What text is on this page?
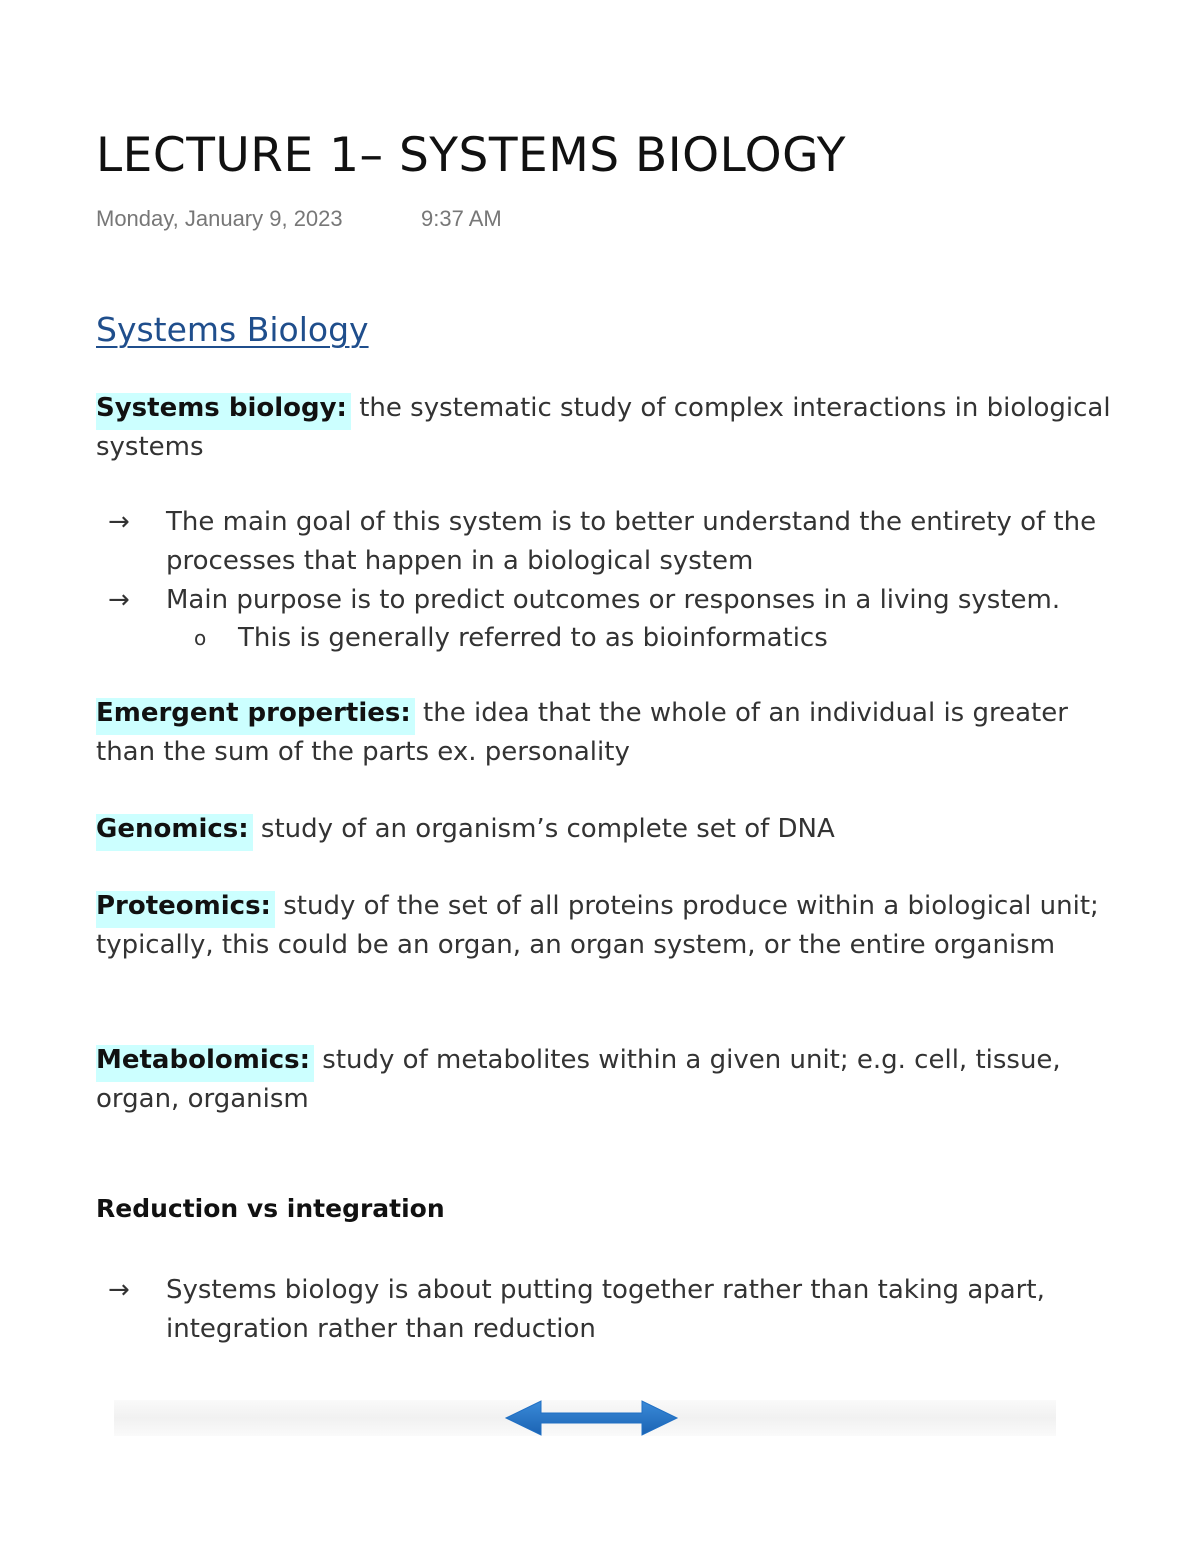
LECTURE 1– SYSTEMS BIOLOGY
Monday, January 9, 2023	9:37 AM
Systems Biology
Systems biology: the systematic study of complex interactions in biological systems
→	The main goal of this system is to better understand the entirety of the processes that happen in a biological system
→	Main purpose is to predict outcomes or responses in a living system.
o This is generally referred to as bioinformatics
Emergent properties: the idea that the whole of an individual is greater than the sum of the parts ex. personality
Genomics: study of an organism’s complete set of DNA
Proteomics: study of the set of all proteins produce within a biological unit; typically, this could be an organ, an organ system, or the entire organism
Metabolomics: study of metabolites within a given unit; e.g. cell, tissue, organ, organism
Reduction vs integration
→	Systems biology is about putting together rather than taking apart, integration rather than reduction
